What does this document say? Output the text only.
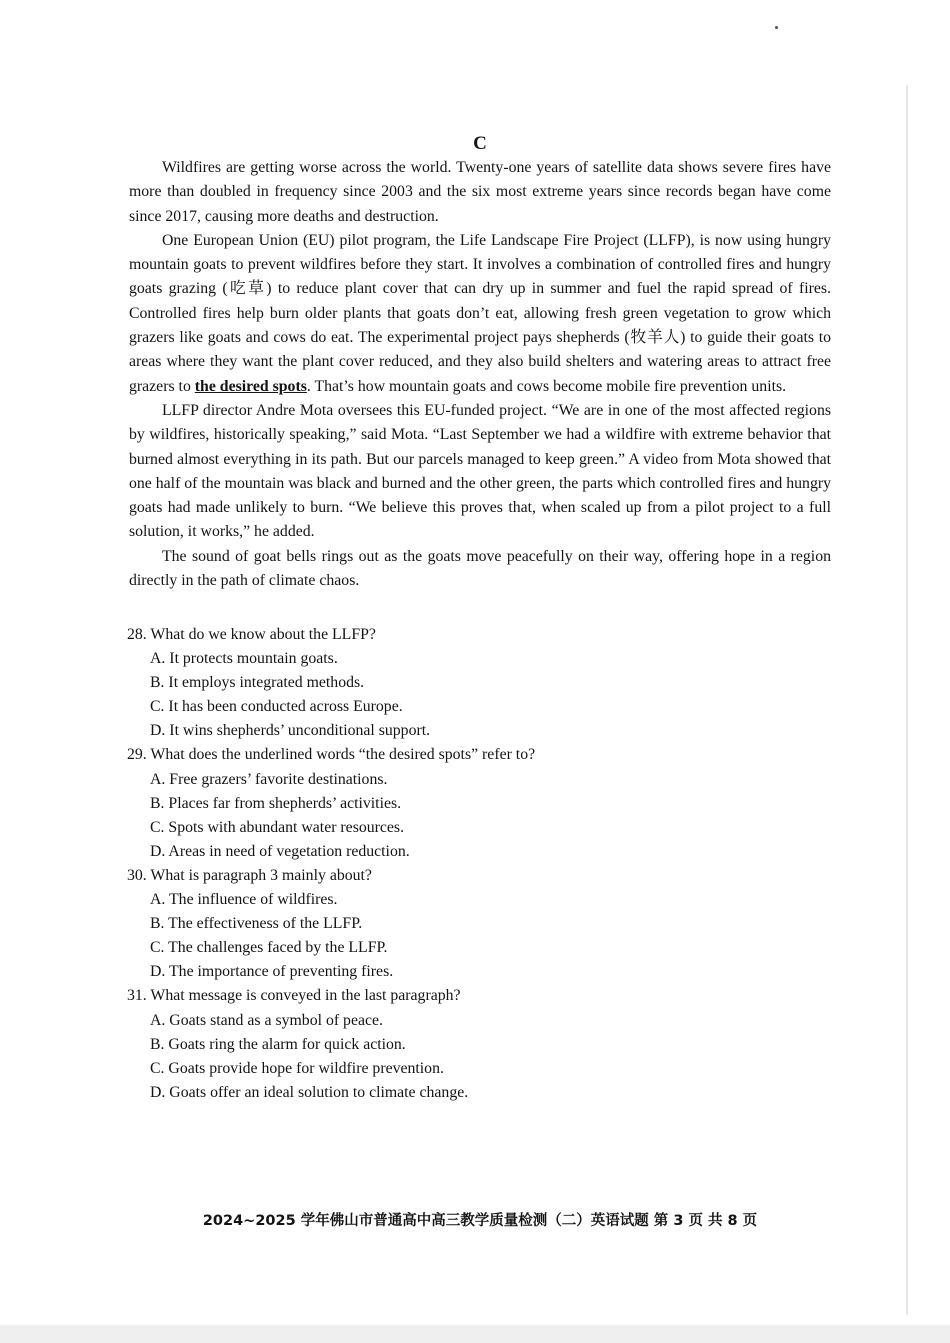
C

Wildfires are getting worse across the world. Twenty-one years of satellite data shows severe fires have more than doubled in frequency since 2003 and the six most extreme years since records began have come since 2017, causing more deaths and destruction.

One European Union (EU) pilot program, the Life Landscape Fire Project (LLFP), is now using hungry mountain goats to prevent wildfires before they start. It involves a combination of controlled fires and hungry goats grazing (吃草) to reduce plant cover that can dry up in summer and fuel the rapid spread of fires. Controlled fires help burn older plants that goats don’t eat, allowing fresh green vegetation to grow which grazers like goats and cows do eat. The experimental project pays shepherds (牧羊人) to guide their goats to areas where they want the plant cover reduced, and they also build shelters and watering areas to attract free grazers to the desired spots. That’s how mountain goats and cows become mobile fire prevention units.

LLFP director Andre Mota oversees this EU-funded project. “We are in one of the most affected regions by wildfires, historically speaking,” said Mota. “Last September we had a wildfire with extreme behavior that burned almost everything in its path. But our parcels managed to keep green.” A video from Mota showed that one half of the mountain was black and burned and the other green, the parts which controlled fires and hungry goats had made unlikely to burn. “We believe this proves that, when scaled up from a pilot project to a full solution, it works,” he added.

The sound of goat bells rings out as the goats move peacefully on their way, offering hope in a region directly in the path of climate chaos.

28. What do we know about the LLFP?

A. It protects mountain goats.

B. It employs integrated methods.

C. It has been conducted across Europe.

D. It wins shepherds’ unconditional support.

29. What does the underlined words “the desired spots” refer to?

A. Free grazers’ favorite destinations.

B. Places far from shepherds’ activities.

C. Spots with abundant water resources.

D. Areas in need of vegetation reduction.

30. What is paragraph 3 mainly about?

A. The influence of wildfires.

B. The effectiveness of the LLFP.

C. The challenges faced by the LLFP.

D. The importance of preventing fires.

31. What message is conveyed in the last paragraph?

A. Goats stand as a symbol of peace.

B. Goats ring the alarm for quick action.

C. Goats provide hope for wildfire prevention.

D. Goats offer an ideal solution to climate change.

2024~2025 学年佛山市普通高中高三教学质量检测（二）英语试题 第 3 页 共 8 页
